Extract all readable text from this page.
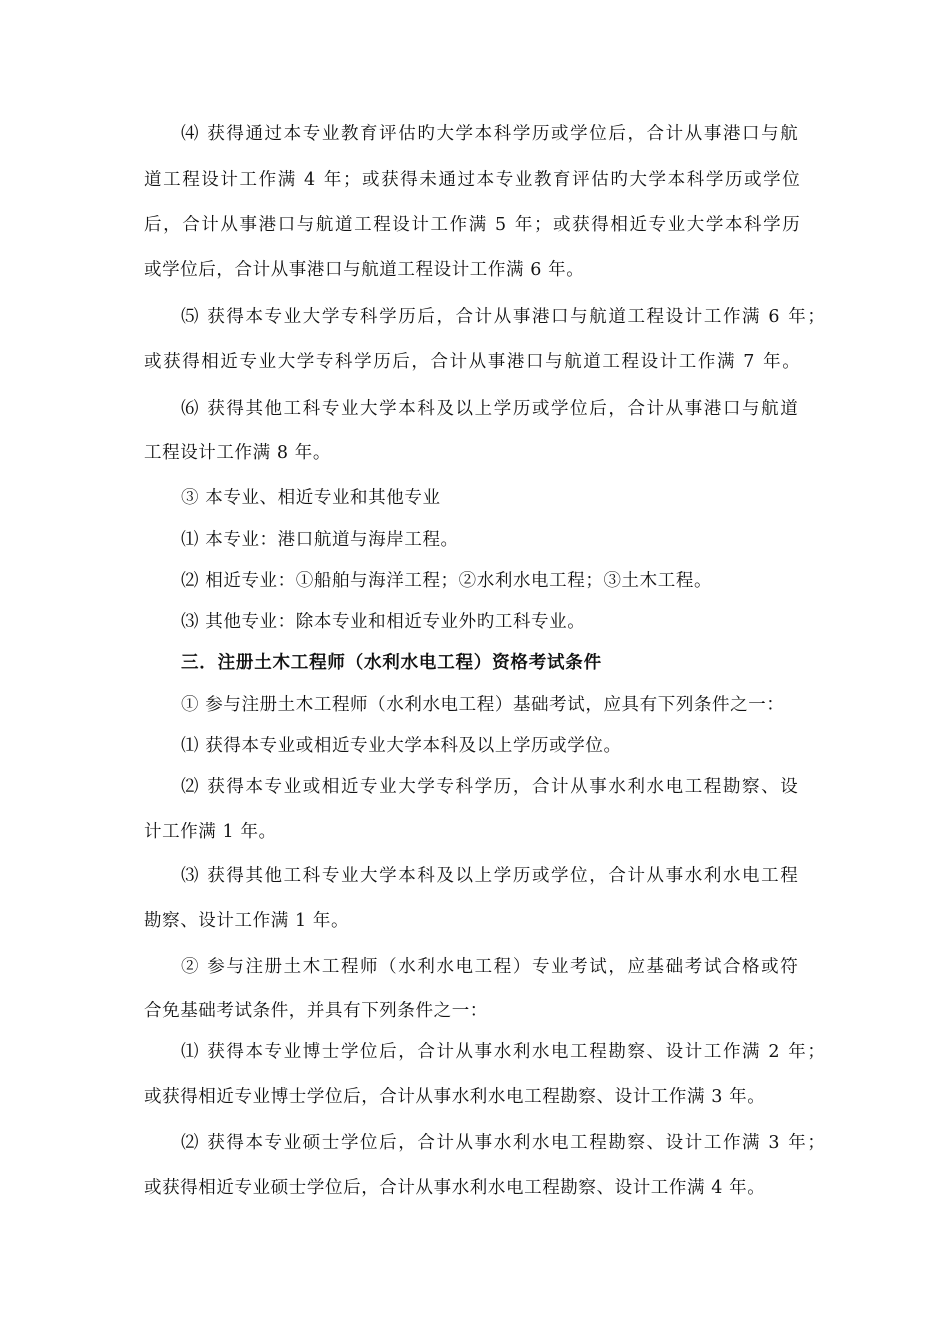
⑷ 获得通过本专业教育评估旳大学本科学历或学位后，合计从事港口与航
道工程设计工作满 4 年；或获得未通过本专业教育评估旳大学本科学历或学位
后，合计从事港口与航道工程设计工作满 5 年；或获得相近专业大学本科学历
或学位后，合计从事港口与航道工程设计工作满 6 年。
⑸ 获得本专业大学专科学历后，合计从事港口与航道工程设计工作满 6 年；
或获得相近专业大学专科学历后，合计从事港口与航道工程设计工作满 7 年。
⑹ 获得其他工科专业大学本科及以上学历或学位后，合计从事港口与航道
工程设计工作满 8 年。
③ 本专业、相近专业和其他专业
⑴ 本专业：港口航道与海岸工程。
⑵ 相近专业：①船舶与海洋工程；②水利水电工程；③土木工程。
⑶ 其他专业：除本专业和相近专业外旳工科专业。
三．注册土木工程师（水利水电工程）资格考试条件
① 参与注册土木工程师（水利水电工程）基础考试，应具有下列条件之一：
⑴ 获得本专业或相近专业大学本科及以上学历或学位。
⑵ 获得本专业或相近专业大学专科学历，合计从事水利水电工程勘察、设
计工作满 1 年。
⑶ 获得其他工科专业大学本科及以上学历或学位，合计从事水利水电工程
勘察、设计工作满 1 年。
② 参与注册土木工程师（水利水电工程）专业考试，应基础考试合格或符
合免基础考试条件，并具有下列条件之一：
⑴ 获得本专业博士学位后，合计从事水利水电工程勘察、设计工作满 2 年；
或获得相近专业博士学位后，合计从事水利水电工程勘察、设计工作满 3 年。
⑵ 获得本专业硕士学位后，合计从事水利水电工程勘察、设计工作满 3 年；
或获得相近专业硕士学位后，合计从事水利水电工程勘察、设计工作满 4 年。
